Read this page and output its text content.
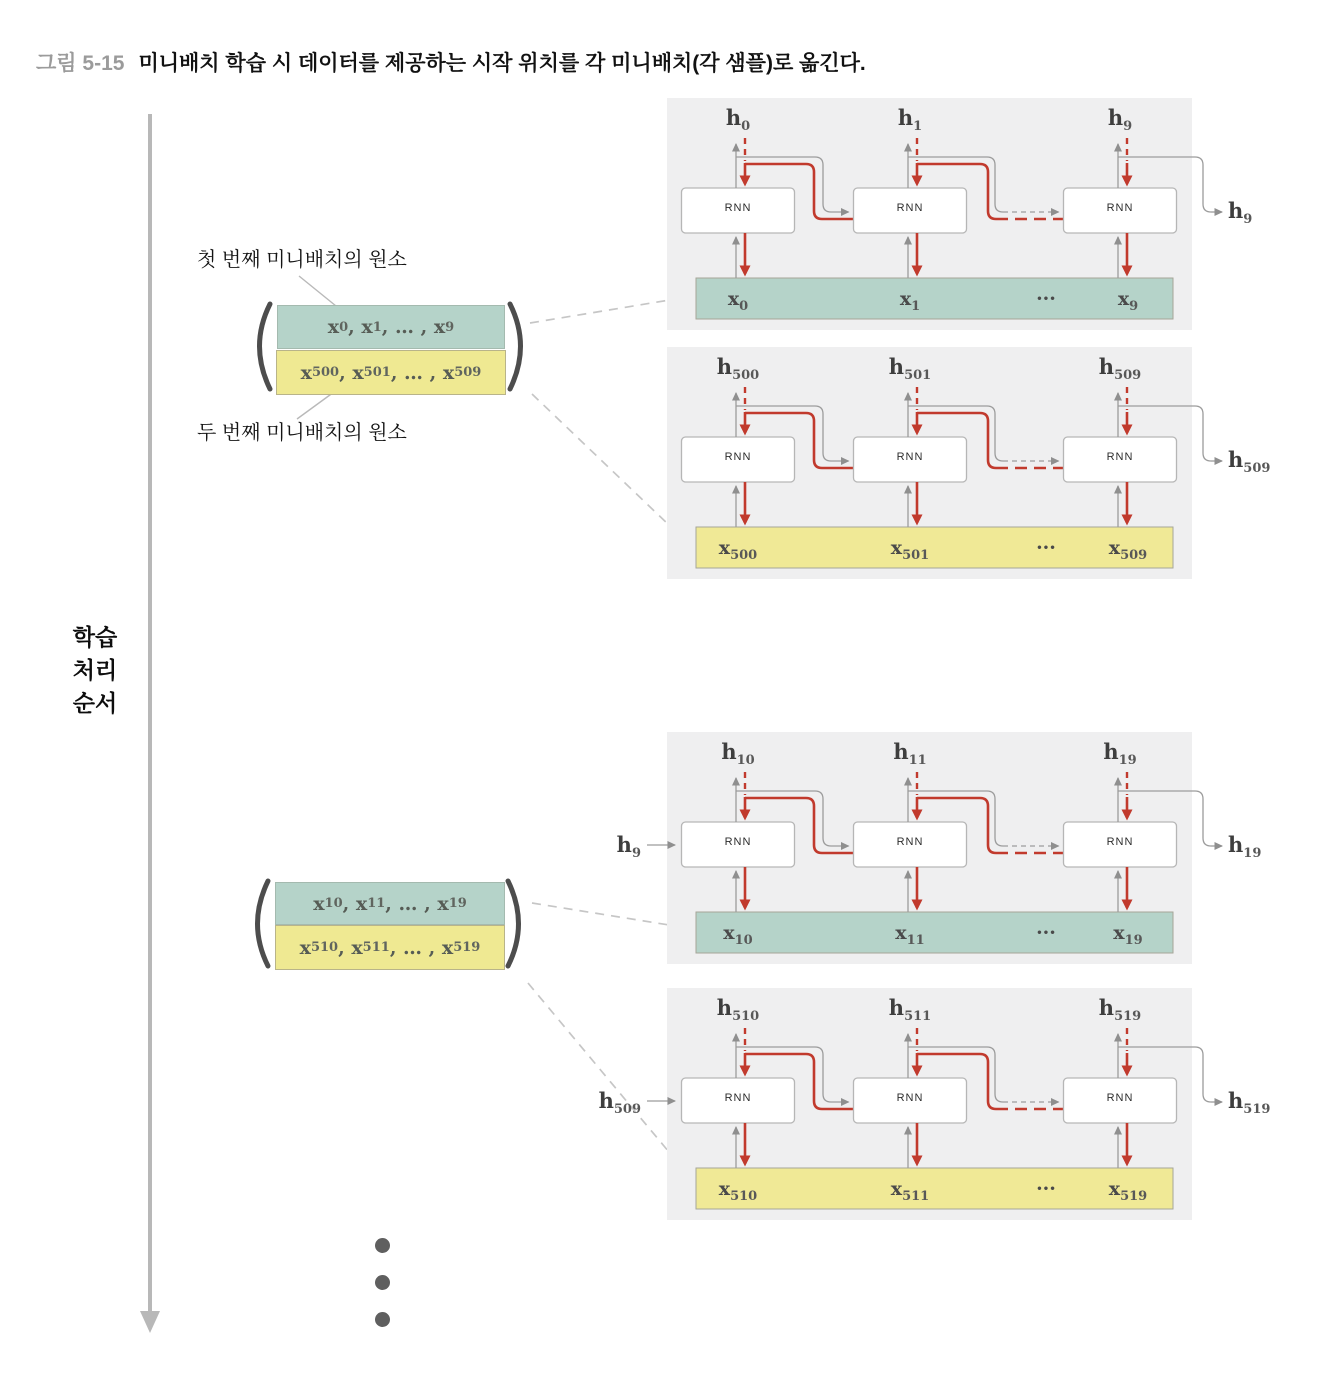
그림 5-15 미니배치 학습 시 데이터를 제공하는 시작 위치를 각 미니배치(각 샘플)로 옮긴다.
학습
처리
순서
첫 번째 미니배치의 원소
두 번째 미니배치의 원소
x 0 , x 1 , … , x 9
x 500 , x 501 , … , x 509
x 10 , x 11 , … , x 19
x 510 , x 511 , … , x 519
$h_0$	$h_1$	$h_9$
RNN	RNN	RNN
$x_0$	$x_1$	···	$x_9$
$h_9$
$h_{500}$	$h_{501}$	$h_{509}$
RNN	RNN	RNN
$x_{500}$	$x_{501}$	···	$x_{509}$
$h_{509}$
$h_{10}$	$h_{11}$	$h_{19}$
RNN	RNN	RNN
$x_{10}$	$x_{11}$	···	$x_{19}$
$h_{19}$
$h_9$
$h_{510}$	$h_{511}$	$h_{519}$
RNN	RNN	RNN
$x_{510}$	$x_{511}$	···	$x_{519}$
$h_{519}$
$h_{509}$
